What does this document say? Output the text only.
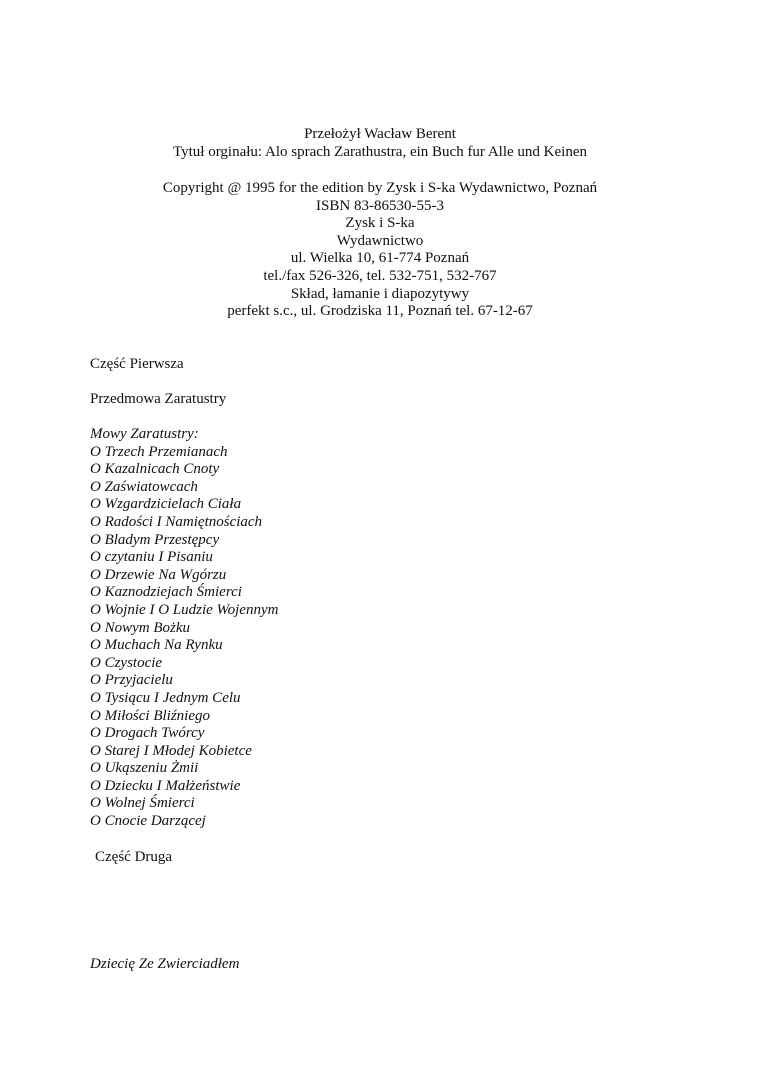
Przełożył Wacław Berent
Tytuł orginału: Alo sprach Zarathustra, ein Buch fur Alle und Keinen
Copyright @ 1995 for the edition by Zysk i S-ka Wydawnictwo, Poznań
ISBN 83-86530-55-3
Zysk i S-ka
Wydawnictwo
ul. Wielka 10, 61-774 Poznań
tel./fax 526-326, tel. 532-751, 532-767
Skład, łamanie i diapozytywy
perfekt s.c., ul. Grodziska 11, Poznań tel. 67-12-67
Część Pierwsza
Przedmowa Zaratustry
Mowy Zaratustry:
O Trzech Przemianach
O Kazalnicach Cnoty
O Zaświatowcach
O Wzgardzicielach Ciała
O Radości I Namiętnościach
O Bladym Przestępcy
O czytaniu I Pisaniu
O Drzewie Na Wgórzu
O Kaznodziejach Śmierci
O Wojnie I O Ludzie Wojennym
O Nowym Bożku
O Muchach Na Rynku
O Czystocie
O Przyjacielu
O Tysiącu I Jednym Celu
O Miłości Bliźniego
O Drogach Twórcy
O Starej I Młodej Kobietce
O Ukąszeniu Żmii
O Dziecku I Małżeństwie
O Wolnej Śmierci
O Cnocie Darzącej
Część Druga
Dziecię Ze Zwierciadłem
